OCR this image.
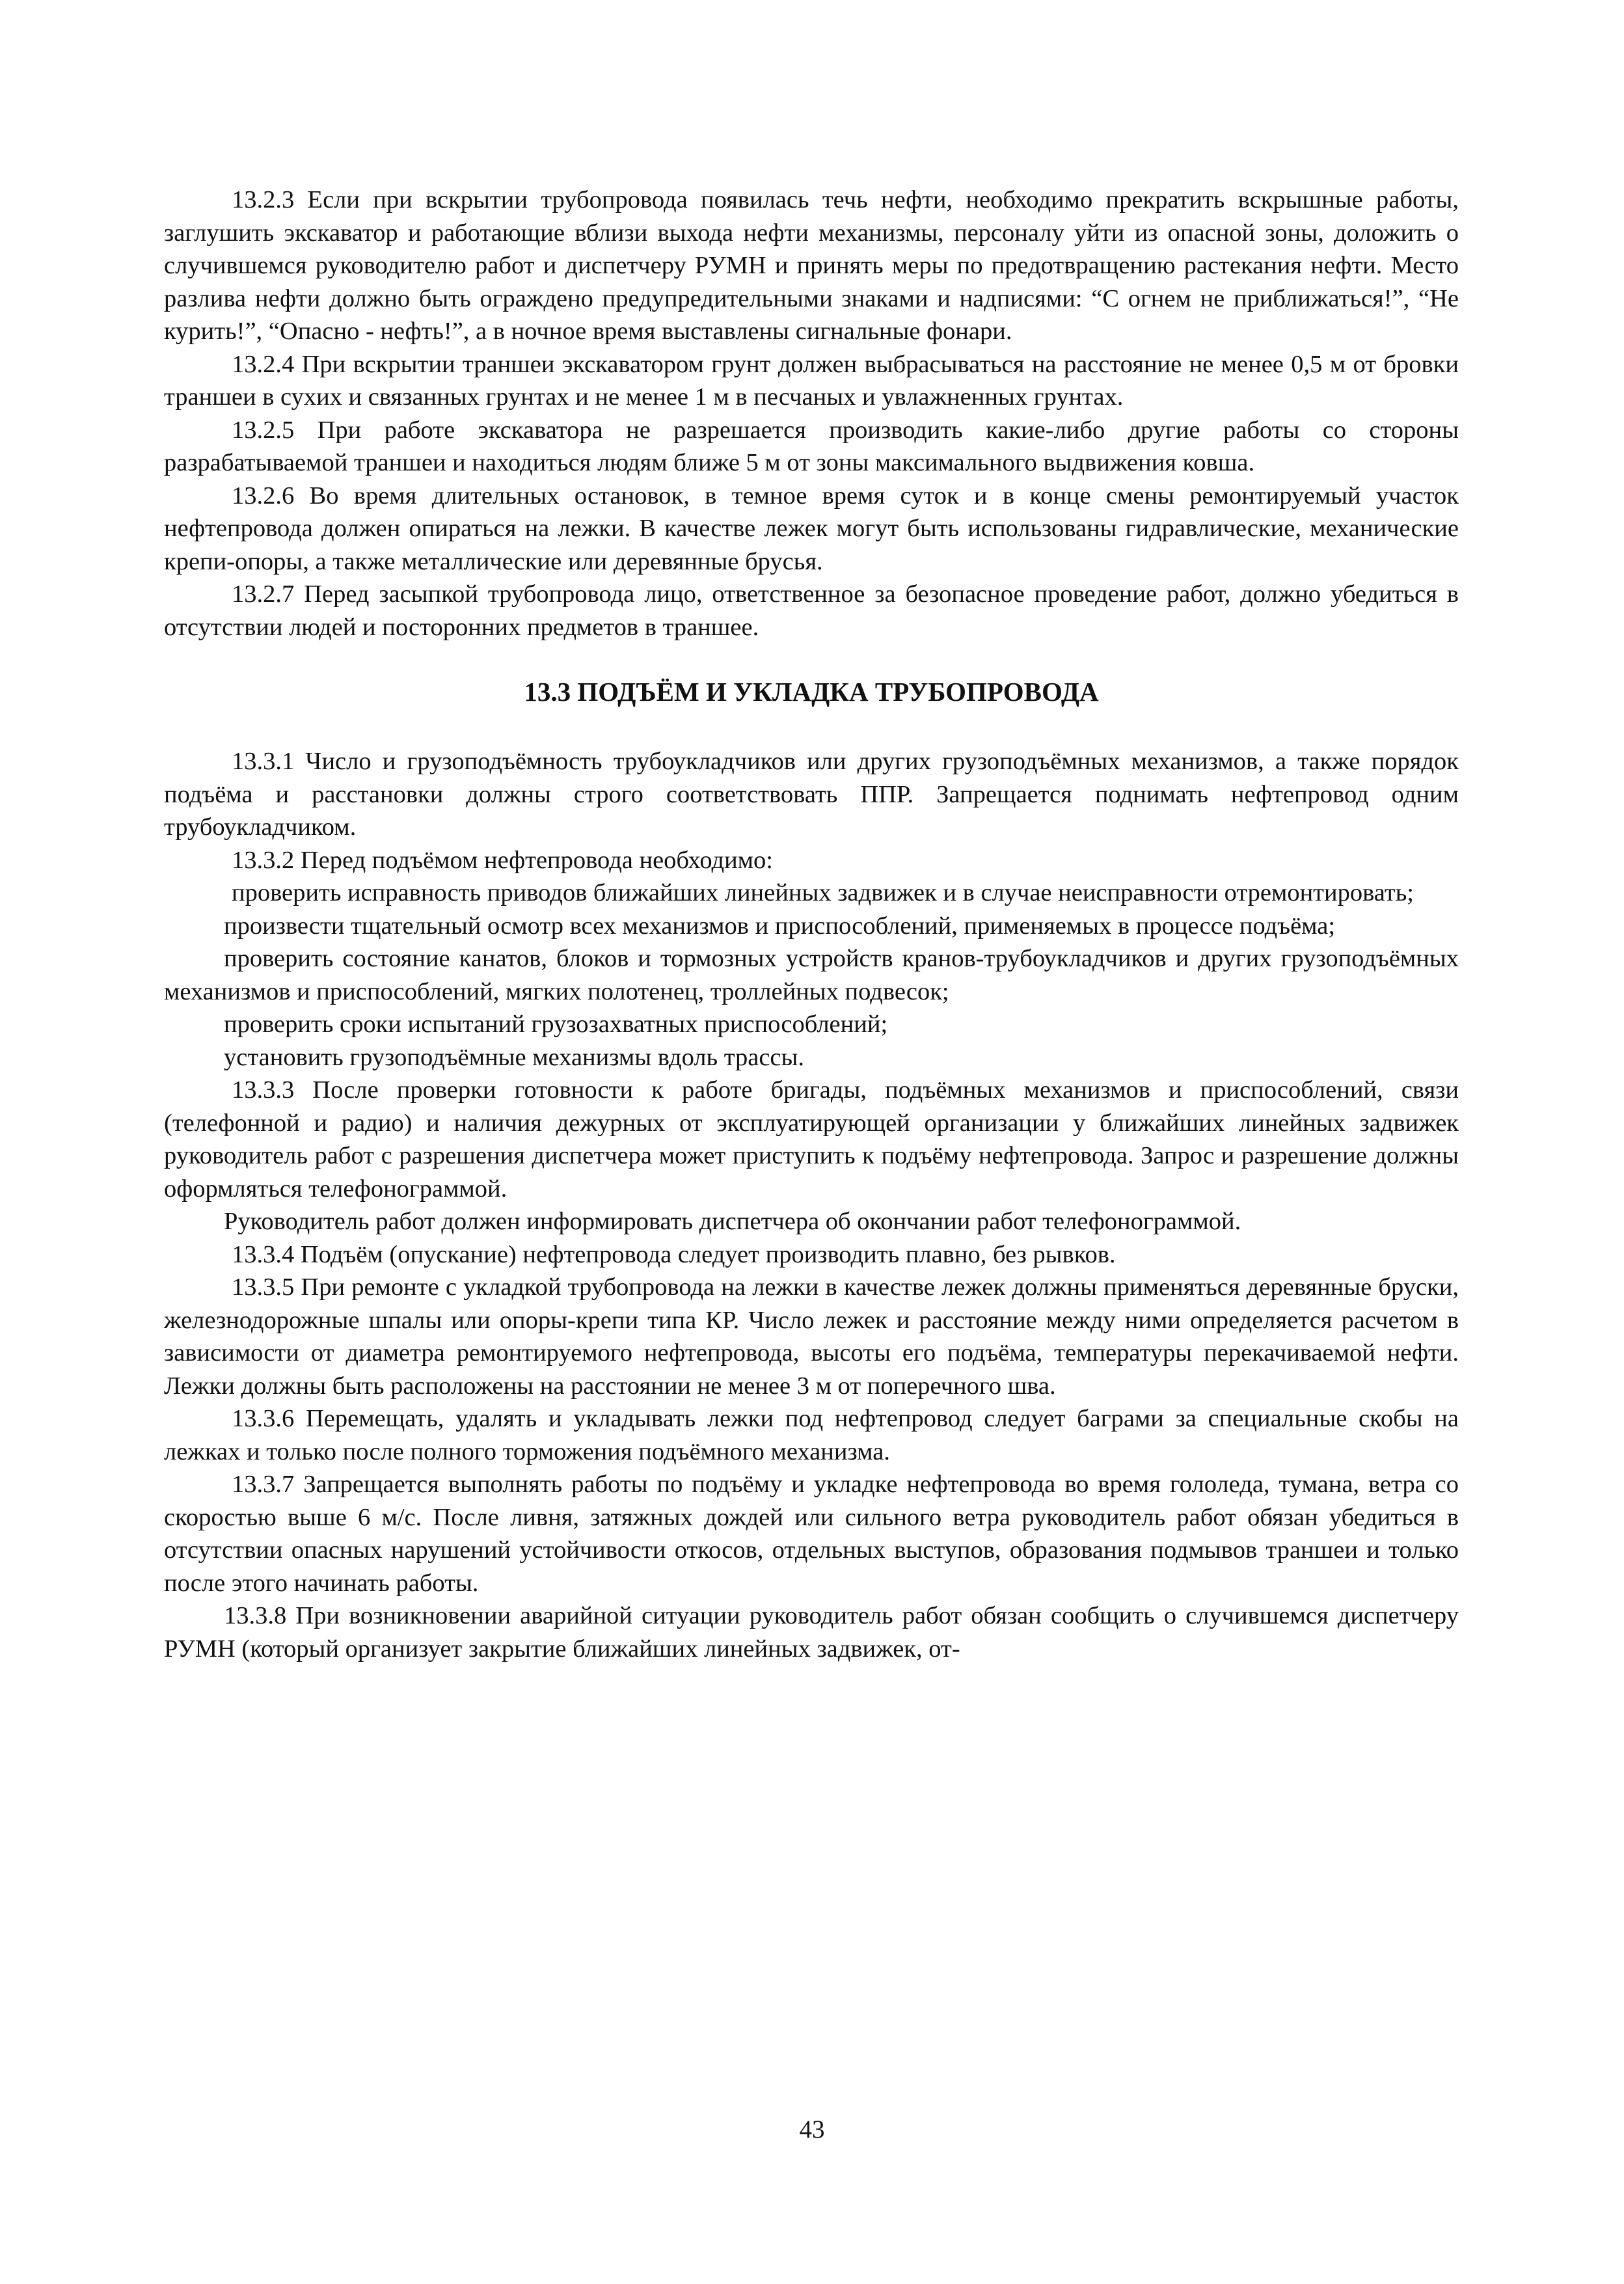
13.2.3 Если при вскрытии трубопровода появилась течь нефти, необходимо прекратить вскрышные работы, заглушить экскаватор и работающие вблизи выхода нефти механизмы, персоналу уйти из опасной зоны, доложить о случившемся руководителю работ и диспетчеру РУМН и принять меры по предотвращению растекания нефти. Место разлива нефти должно быть ограждено предупредительными знаками и надписями: “С огнем не приближаться!”, “Не курить!”, “Опасно - нефть!”, а в ночное время выставлены сигнальные фонари.

13.2.4 При вскрытии траншеи экскаватором грунт должен выбрасываться на расстояние не менее 0,5 м от бровки траншеи в сухих и связанных грунтах и не менее 1 м в песчаных и увлажненных грунтах.

13.2.5 При работе экскаватора не разрешается производить какие-либо другие работы со стороны разрабатываемой траншеи и находиться людям ближе 5 м от зоны максимального выдвижения ковша.

13.2.6 Во время длительных остановок, в темное время суток и в конце смены ремонтируемый участок нефтепровода должен опираться на лежки. В качестве лежек могут быть использованы гидравлические, механические крепи-опоры, а также металлические или деревянные брусья.

13.2.7 Перед засыпкой трубопровода лицо, ответственное за безопасное проведение работ, должно убедиться в отсутствии людей и посторонних предметов в траншее.

13.3 ПОДЪЁМ И УКЛАДКА ТРУБОПРОВОДА

13.3.1 Число и грузоподъёмность трубоукладчиков или других грузоподъёмных механизмов, а также порядок подъёма и расстановки должны строго соответствовать ППР. Запрещается поднимать нефтепровод одним трубоукладчиком.

13.3.2 Перед подъёмом нефтепровода необходимо:

проверить исправность приводов ближайших линейных задвижек и в случае неисправности отремонтировать;

произвести тщательный осмотр всех механизмов и приспособлений, применяемых в процессе подъёма;

проверить состояние канатов, блоков и тормозных устройств кранов-трубоукладчиков и других грузоподъёмных механизмов и приспособлений, мягких полотенец, троллейных подвесок;

проверить сроки испытаний грузозахватных приспособлений;

установить грузоподъёмные механизмы вдоль трассы.

13.3.3 После проверки готовности к работе бригады, подъёмных механизмов и приспособлений, связи (телефонной и радио) и наличия дежурных от эксплуатирующей организации у ближайших линейных задвижек руководитель работ с разрешения диспетчера может приступить к подъёму нефтепровода. Запрос и разрешение должны оформляться телефонограммой.

Руководитель работ должен информировать диспетчера об окончании работ телефонограммой.

13.3.4 Подъём (опускание) нефтепровода следует производить плавно, без рывков.

13.3.5 При ремонте с укладкой трубопровода на лежки в качестве лежек должны применяться деревянные бруски, железнодорожные шпалы или опоры-крепи типа КР. Число лежек и расстояние между ними определяется расчетом в зависимости от диаметра ремонтируемого нефтепровода, высоты его подъёма, температуры перекачиваемой нефти. Лежки должны быть расположены на расстоянии не менее 3 м от поперечного шва.

13.3.6 Перемещать, удалять и укладывать лежки под нефтепровод следует баграми за специальные скобы на лежках и только после полного торможения подъёмного механизма.

13.3.7 Запрещается выполнять работы по подъёму и укладке нефтепровода во время гололеда, тумана, ветра со скоростью выше 6 м/с. После ливня, затяжных дождей или сильного ветра руководитель работ обязан убедиться в отсутствии опасных нарушений устойчивости откосов, отдельных выступов, образования подмывов траншеи и только после этого начинать работы.

13.3.8 При возникновении аварийной ситуации руководитель работ обязан сообщить о случившемся диспетчеру РУМН (который организует закрытие ближайших линейных задвижек, от-

43
